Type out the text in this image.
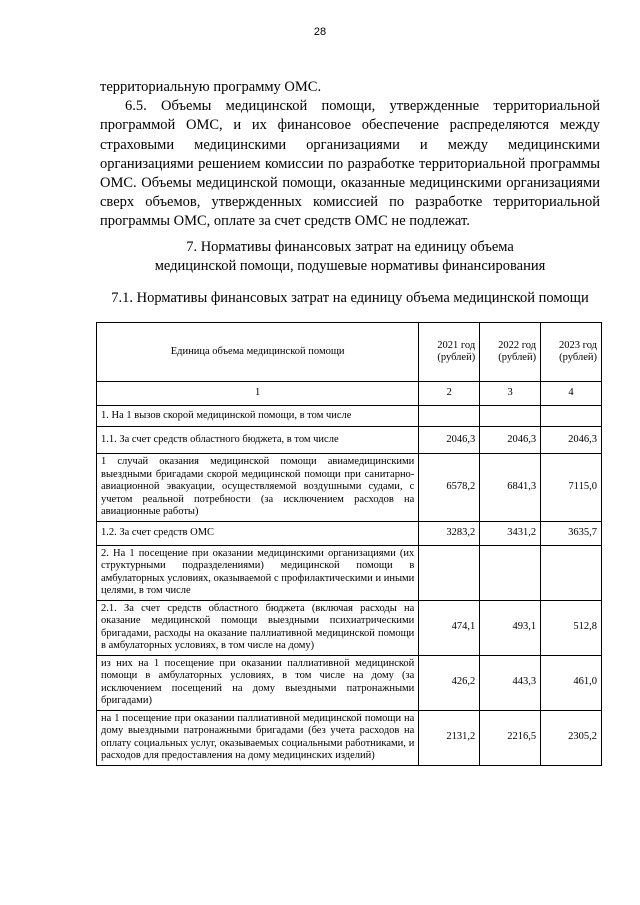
28

территориальную программу ОМС.

6.5. Объемы медицинской помощи, утвержденные территориальной программой ОМС, и их финансовое обеспечение распределяются между страховыми медицинскими организациями и между медицинскими организациями решением комиссии по разработке территориальной программы ОМС. Объемы медицинской помощи, оказанные медицинскими организациями сверх объемов, утвержденных комиссией по разработке территориальной программы ОМС, оплате за счет средств ОМС не подлежат.

7. Нормативы финансовых затрат на единицу объема
медицинской помощи, подушевые нормативы финансирования
7.1. Нормативы финансовых затрат на единицу объема медицинской помощи
Единица объема медицинской помощи	2021 год (рублей)	2022 год (рублей)	2023 год (рублей)
1	2	3	4
1. На 1 вызов скорой медицинской помощи, в том числе			
1.1. За счет средств областного бюджета, в том числе	2046,3	2046,3	2046,3
1 случай оказания медицинской помощи авиамедицинскими выездными бригадами скорой медицинской помощи при санитарно-авиационной эвакуации, осуществляемой воздушными судами, с учетом реальной потребности (за исключением расходов на авиационные работы)	6578,2	6841,3	7115,0
1.2. За счет средств ОМС	3283,2	3431,2	3635,7
2. На 1 посещение при оказании медицинскими организациями (их структурными подразделениями) медицинской помощи в амбулаторных условиях, оказываемой с профилактическими и иными целями, в том числе			
2.1. За счет средств областного бюджета (включая расходы на оказание медицинской помощи выездными психиатрическими бригадами, расходы на оказание паллиативной медицинской помощи в амбулаторных условиях, в том числе на дому)	474,1	493,1	512,8
из них на 1 посещение при оказании паллиативной медицинской помощи в амбулаторных условиях, в том числе на дому (за исключением посещений на дому выездными патронажными бригадами)	426,2	443,3	461,0
на 1 посещение при оказании паллиативной медицинской помощи на дому выездными патронажными бригадами (без учета расходов на оплату социальных услуг, оказываемых социальными работниками, и расходов для предоставления на дому медицинских изделий)	2131,2	2216,5	2305,2
